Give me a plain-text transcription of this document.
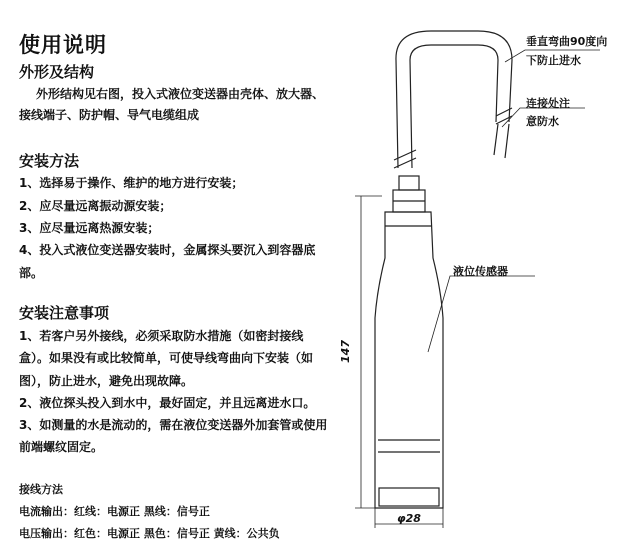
使用说明
外形及结构
外形结构见右图，投入式液位变送器由壳体、放大器、
接线端子、防护帽、导气电缆组成
安装方法
1、选择易于操作、维护的地方进行安装；
2、应尽量远离振动源安装；
3、应尽量远离热源安装；
4、投入式液位变送器安装时，金属探头要沉入到容器底
部。
安装注意事项
1、若客户另外接线，必须采取防水措施（如密封接线
盒）。如果没有或比较简单，可使导线弯曲向下安装（如
图），防止进水，避免出现故障。
2、液位探头投入到水中，最好固定，并且远离进水口。
3、如测量的水是流动的，需在液位变送器外加套管或使用
前端螺纹固定。
接线方法
电流输出：红线：电源正 黑线：信号正
电压输出：红色：电源正 黑色：信号正 黄线：公共负
垂直弯曲90度向
下防止进水
连接处注
意防水
液位传感器
147
φ28
